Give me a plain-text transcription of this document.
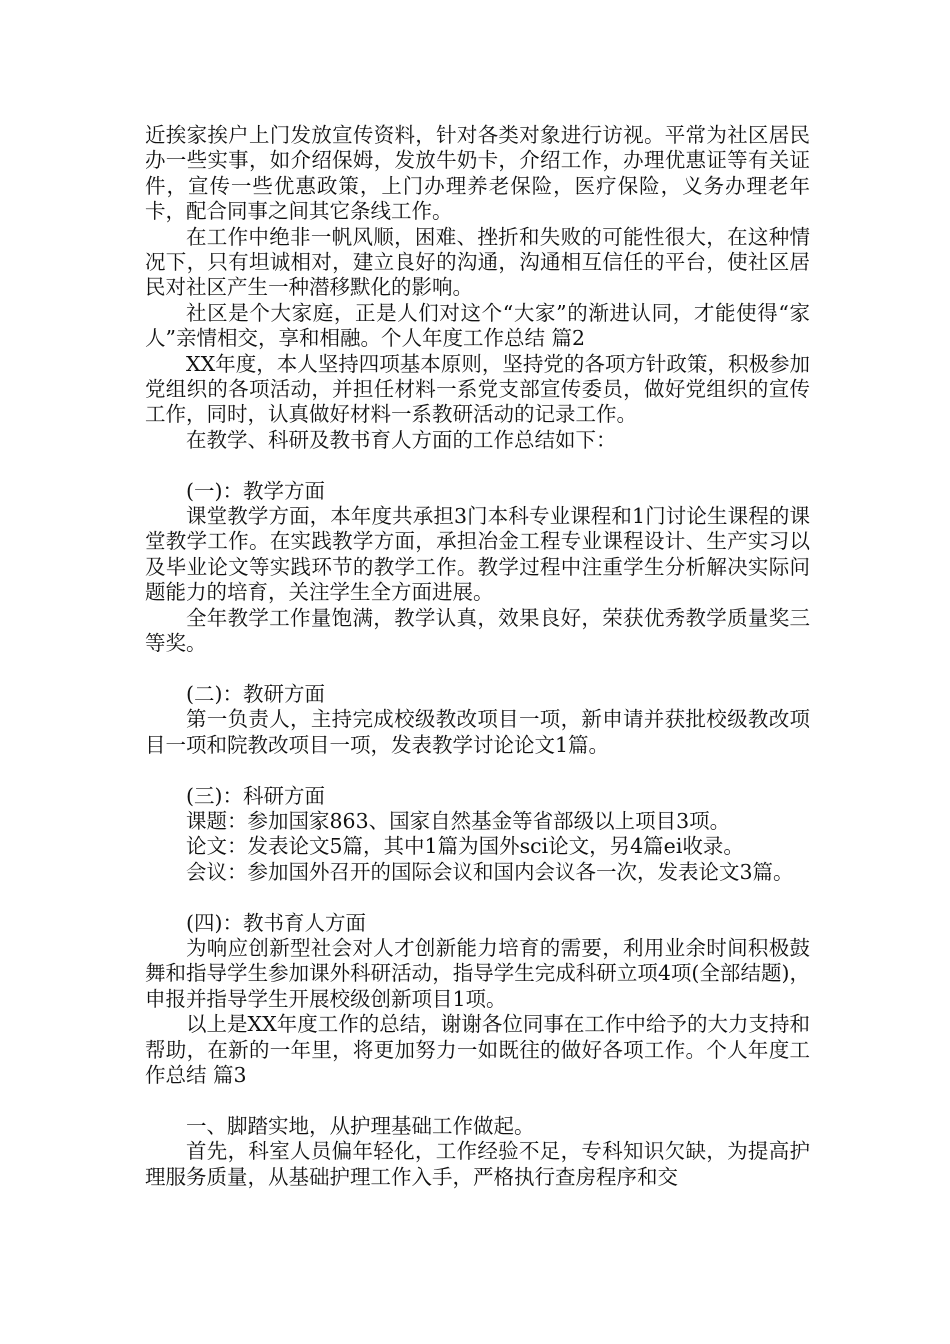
近挨家挨户上门发放宣传资料，针对各类对象进行访视。平常为社区居民办一些实事，如介绍保姆，发放牛奶卡，介绍工作，办理优惠证等有关证件，宣传一些优惠政策，上门办理养老保险，医疗保险，义务办理老年卡，配合同事之间其它条线工作。

在工作中绝非一帆风顺，困难、挫折和失败的可能性很大，在这种情况下，只有坦诚相对，建立良好的沟通，沟通相互信任的平台，使社区居民对社区产生一种潜移默化的影响。

社区是个大家庭，正是人们对这个“大家”的渐进认同，才能使得“家人”亲情相交，享和相融。个人年度工作总结 篇2

XX年度，本人坚持四项基本原则，坚持党的各项方针政策，积极参加党组织的各项活动，并担任材料一系党支部宣传委员，做好党组织的宣传工作，同时，认真做好材料一系教研活动的记录工作。

在教学、科研及教书育人方面的工作总结如下：

(一)：教学方面

课堂教学方面，本年度共承担3门本科专业课程和1门讨论生课程的课堂教学工作。在实践教学方面，承担冶金工程专业课程设计、生产实习以及毕业论文等实践环节的教学工作。教学过程中注重学生分析解决实际问题能力的培育，关注学生全方面进展。

全年教学工作量饱满，教学认真，效果良好，荣获优秀教学质量奖三等奖。

(二)：教研方面

第一负责人，主持完成校级教改项目一项，新申请并获批校级教改项目一项和院教改项目一项，发表教学讨论论文1篇。

(三)：科研方面

课题：参加国家863、国家自然基金等省部级以上项目3项。

论文：发表论文5篇，其中1篇为国外sci论文，另4篇ei收录。

会议：参加国外召开的国际会议和国内会议各一次，发表论文3篇。

(四)：教书育人方面

为响应创新型社会对人才创新能力培育的需要，利用业余时间积极鼓舞和指导学生参加课外科研活动，指导学生完成科研立项4项(全部结题)，申报并指导学生开展校级创新项目1项。

以上是XX年度工作的总结，谢谢各位同事在工作中给予的大力支持和帮助，在新的一年里，将更加努力一如既往的做好各项工作。个人年度工作总结 篇3

一、脚踏实地，从护理基础工作做起。

首先，科室人员偏年轻化，工作经验不足，专科知识欠缺，为提高护理服务质量，从基础护理工作入手，严格执行查房程序和交
